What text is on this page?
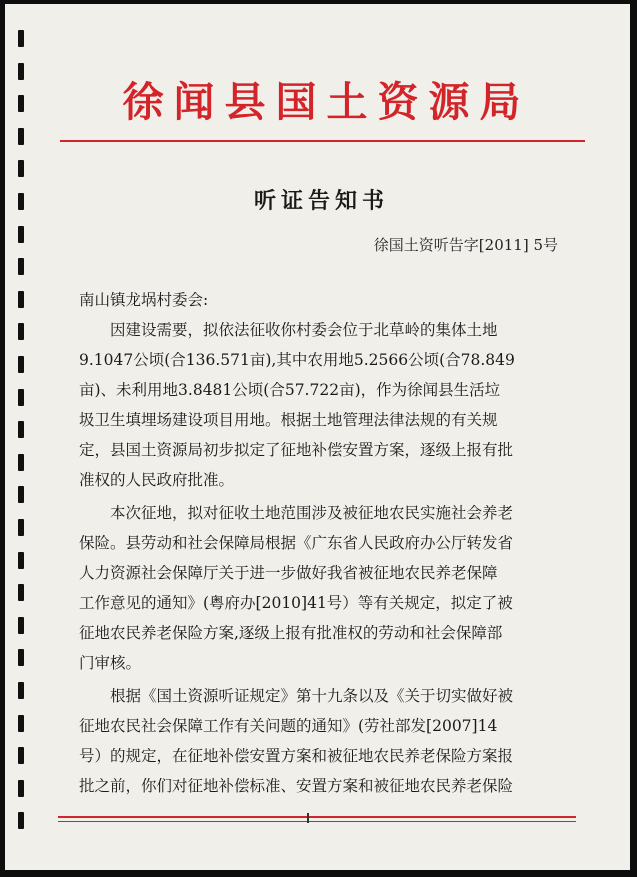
徐闻县国土资源局
听证告知书
徐国土资听告字[2011] 5号

南山镇龙埚村委会:

　　因建设需要，拟依法征收你村委会位于北草岭的集体土地
9.1047公顷(合136.571亩),其中农用地5.2566公顷(合78.849
亩)、未利用地3.8481公顷(合57.722亩)，作为徐闻县生活垃
圾卫生填埋场建设项目用地。根据土地管理法律法规的有关规
定，县国土资源局初步拟定了征地补偿安置方案，逐级上报有批
准权的人民政府批准。

　　本次征地，拟对征收土地范围涉及被征地农民实施社会养老
保险。县劳动和社会保障局根据《广东省人民政府办公厅转发省
人力资源社会保障厅关于进一步做好我省被征地农民养老保障
工作意见的通知》(粤府办[2010]41号）等有关规定，拟定了被
征地农民养老保险方案,逐级上报有批准权的劳动和社会保障部
门审核。

　　根据《国土资源听证规定》第十九条以及《关于切实做好被
征地农民社会保障工作有关问题的通知》(劳社部发[2007]14
号）的规定，在征地补偿安置方案和被征地农民养老保险方案报
批之前，你们对征地补偿标准、安置方案和被征地农民养老保险
